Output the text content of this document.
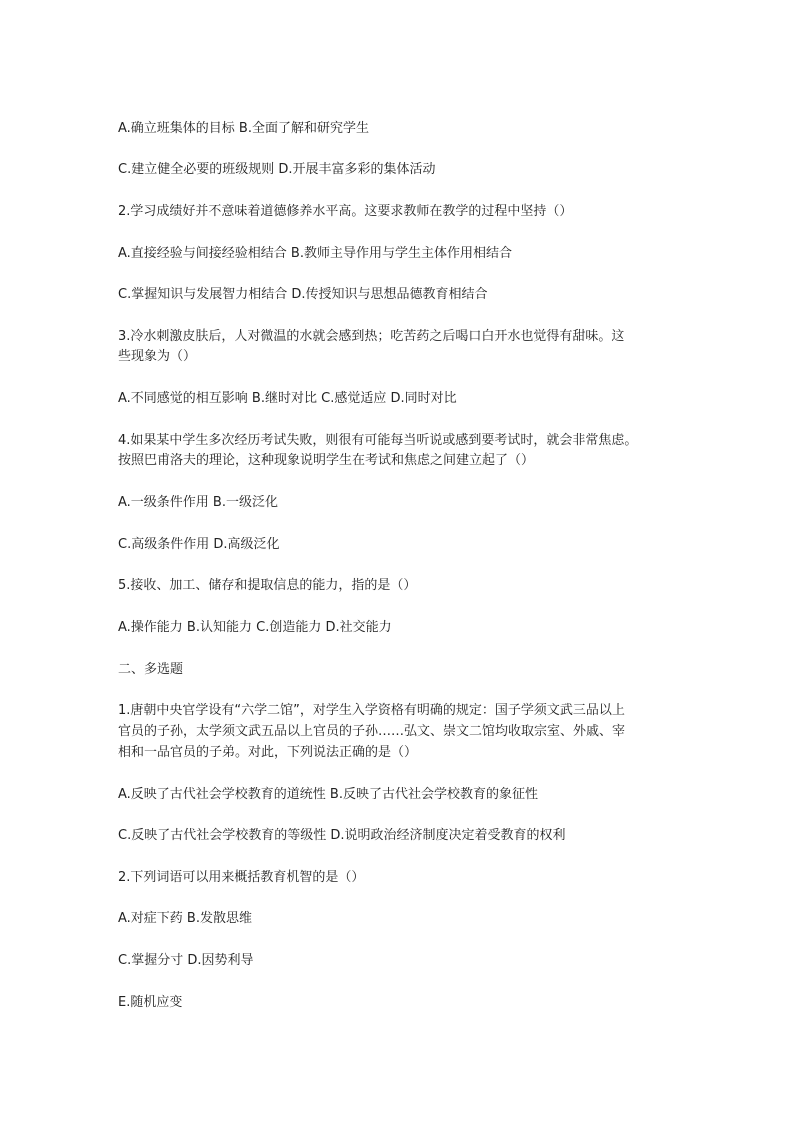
A.确立班集体的目标 B.全面了解和研究学生
C.建立健全必要的班级规则 D.开展丰富多彩的集体活动
2.学习成绩好并不意味着道德修养水平高。这要求教师在教学的过程中坚持（）
A.直接经验与间接经验相结合 B.教师主导作用与学生主体作用相结合
C.掌握知识与发展智力相结合 D.传授知识与思想品德教育相结合
3.冷水刺激皮肤后，人对微温的水就会感到热；吃苦药之后喝口白开水也觉得有甜味。这
些现象为（）
A.不同感觉的相互影响 B.继时对比 C.感觉适应 D.同时对比
4.如果某中学生多次经历考试失败，则很有可能每当听说或感到要考试时，就会非常焦虑。
按照巴甫洛夫的理论，这种现象说明学生在考试和焦虑之间建立起了（）
A.一级条件作用 B.一级泛化
C.高级条件作用 D.高级泛化
5.接收、加工、储存和提取信息的能力，指的是（）
A.操作能力 B.认知能力 C.创造能力 D.社交能力
二、多选题
1.唐朝中央官学设有“六学二馆”，对学生入学资格有明确的规定：国子学须文武三品以上
官员的子孙，太学须文武五品以上官员的子孙……弘文、崇文二馆均收取宗室、外戚、宰
相和一品官员的子弟。对此，下列说法正确的是（）
A.反映了古代社会学校教育的道统性 B.反映了古代社会学校教育的象征性
C.反映了古代社会学校教育的等级性 D.说明政治经济制度决定着受教育的权利
2.下列词语可以用来概括教育机智的是（）
A.对症下药 B.发散思维
C.掌握分寸 D.因势利导
E.随机应变
